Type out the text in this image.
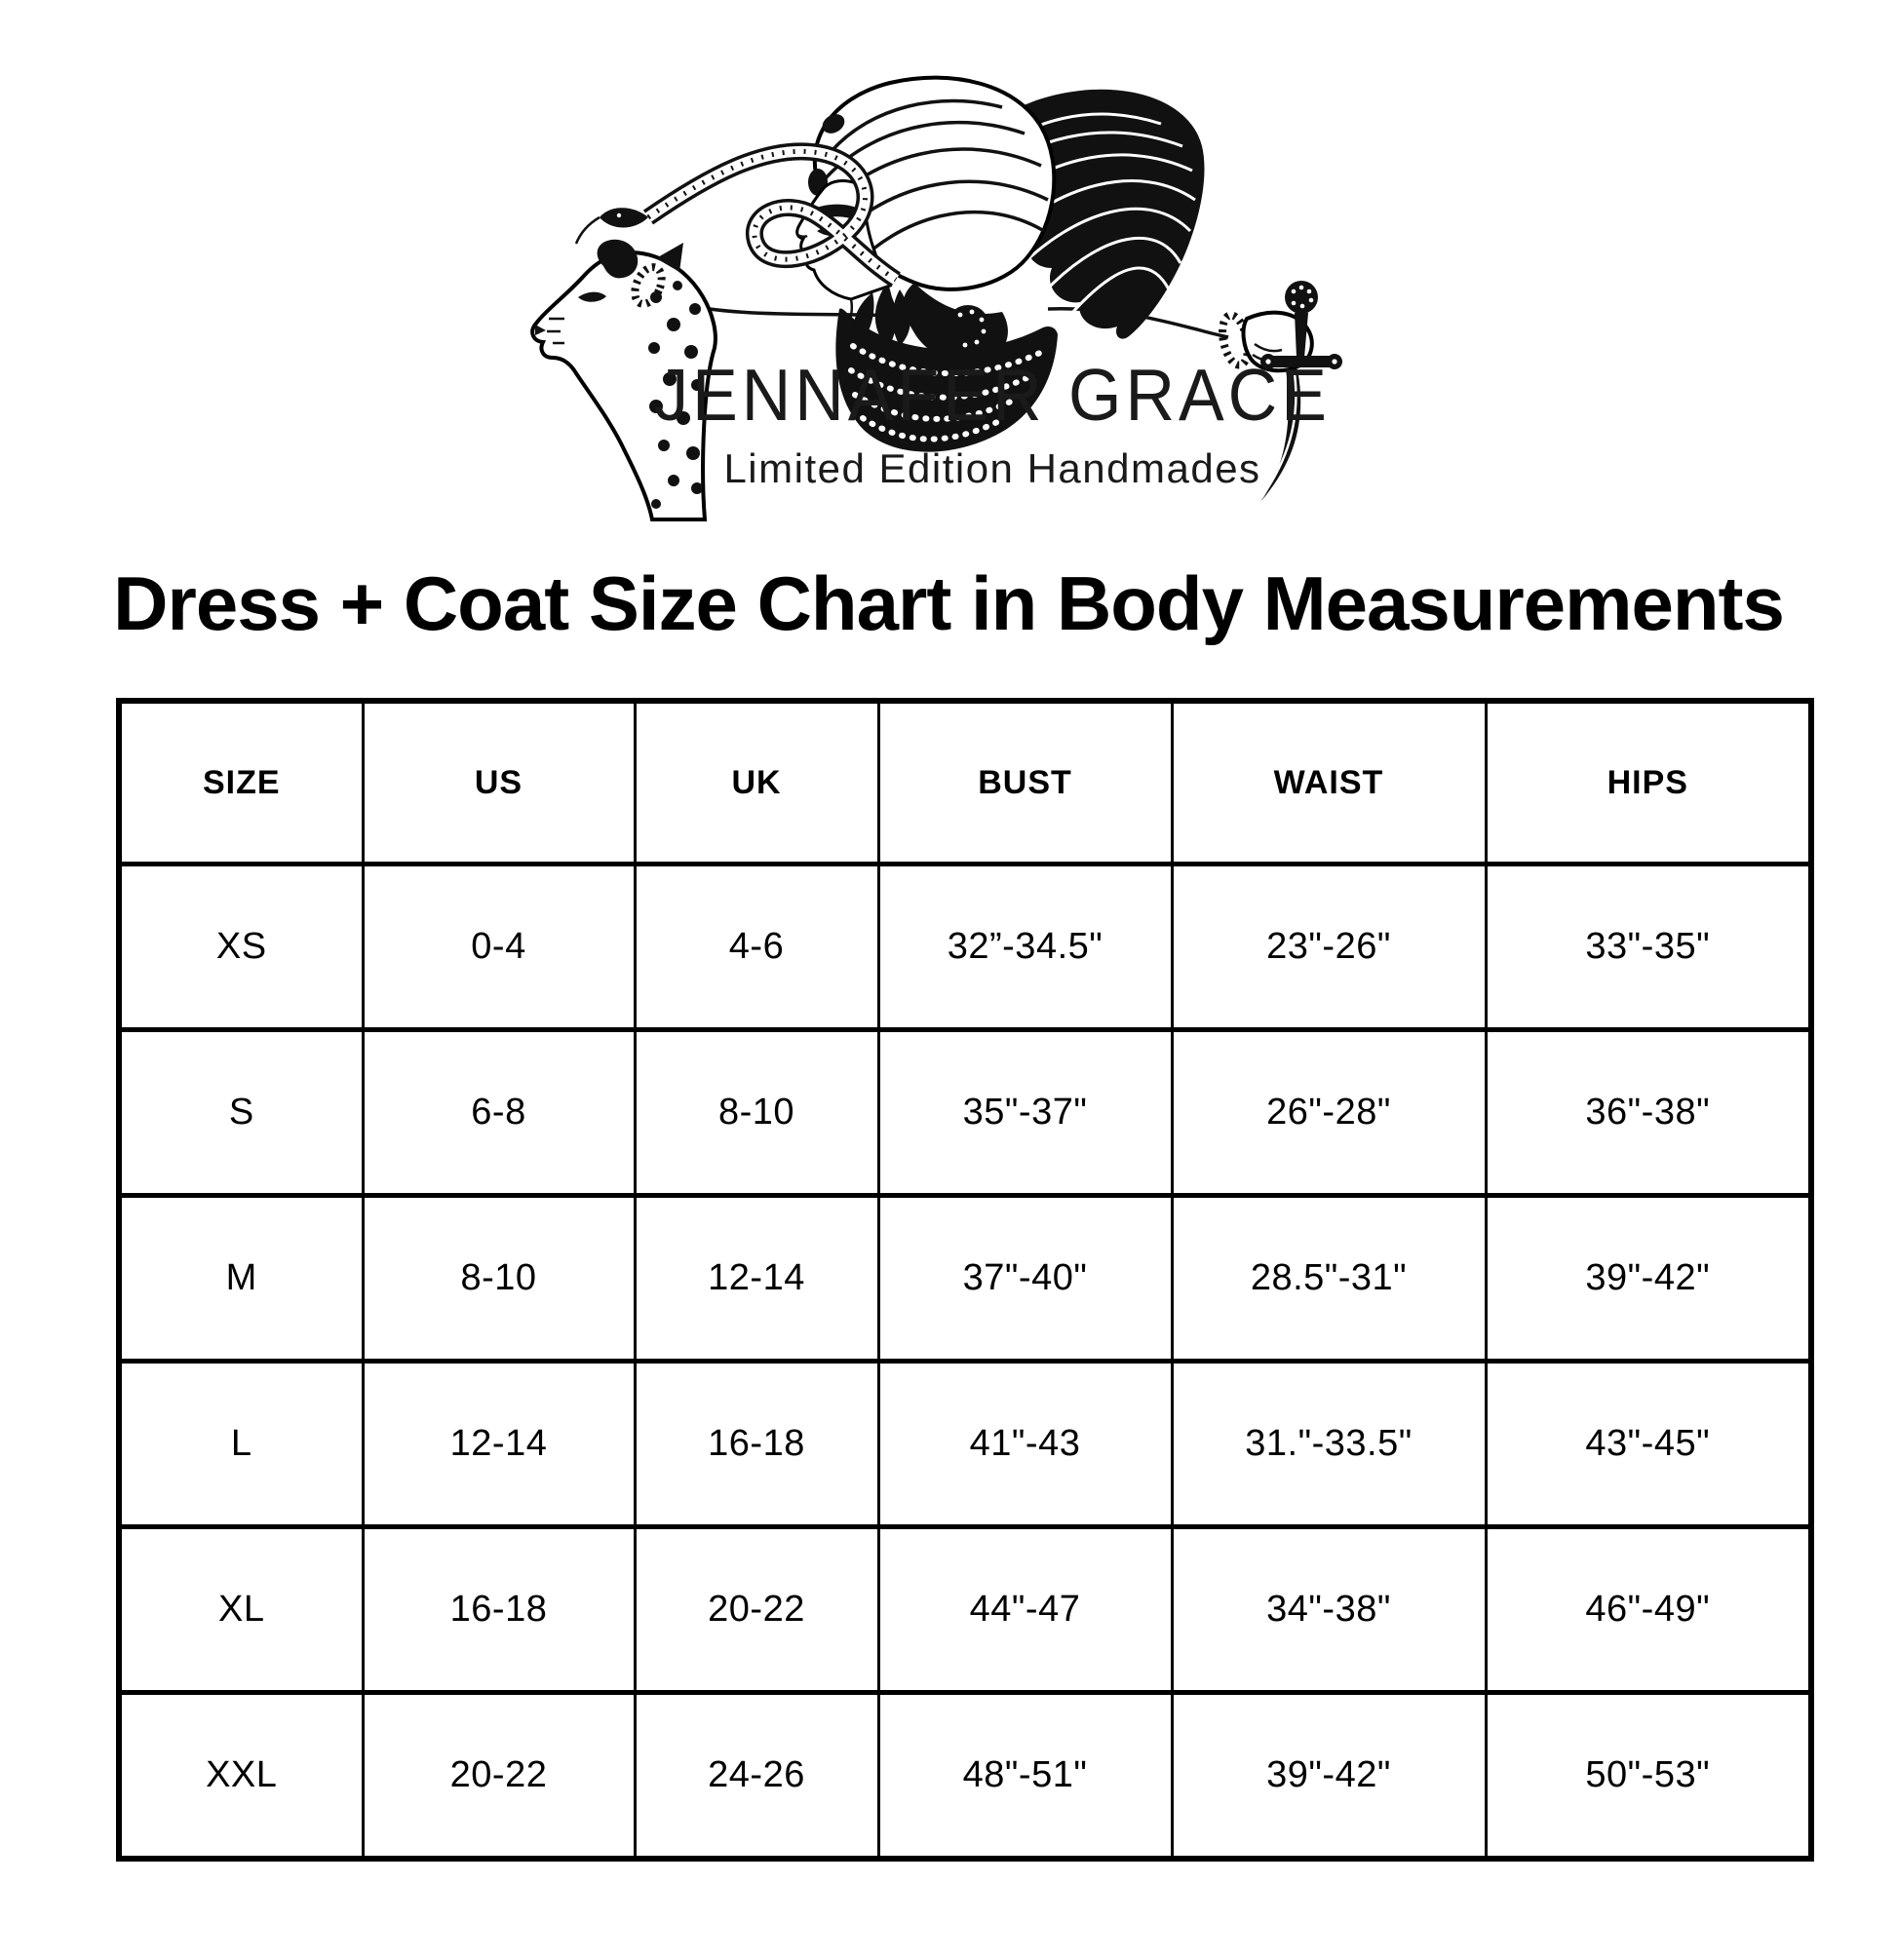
JENNAFER GRACE
Limited Edition Handmades
Dress + Coat Size Chart in Body Measurements
SIZE	US	UK	BUST	WAIST	HIPS
XS	0-4	4-6	32”-34.5"	23"-26"	33"-35"
S	6-8	8-10	35"-37"	26"-28"	36"-38"
M	8-10	12-14	37"-40"	28.5"-31"	39"-42"
L	12-14	16-18	41"-43	31."-33.5"	43"-45"
XL	16-18	20-22	44"-47	34"-38"	46"-49"
XXL	20-22	24-26	48"-51"	39"-42"	50"-53"
